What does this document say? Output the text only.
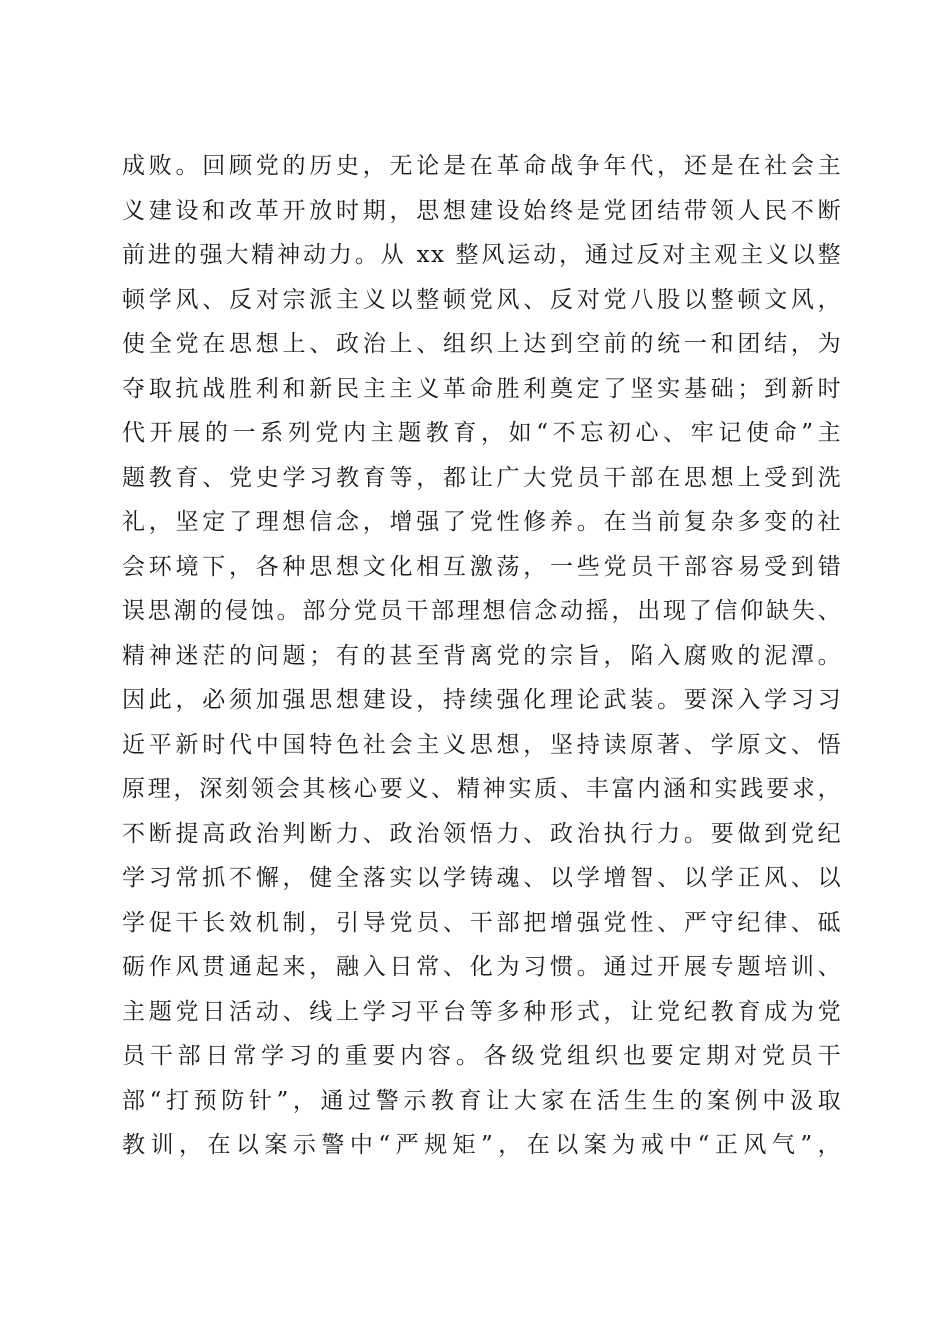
成败。回顾党的历史，无论是在革命战争年代，还是在社会主
义建设和改革开放时期，思想建设始终是党团结带领人民不断
前进的强大精神动力。从 xx 整风运动，通过反对主观主义以整
顿学风、反对宗派主义以整顿党风、反对党八股以整顿文风，
使全党在思想上、政治上、组织上达到空前的统一和团结，为
夺取抗战胜利和新民主主义革命胜利奠定了坚实基础；到新时
代开展的一系列党内主题教育，如“不忘初心、牢记使命”主
题教育、党史学习教育等，都让广大党员干部在思想上受到洗
礼，坚定了理想信念，增强了党性修养。在当前复杂多变的社
会环境下，各种思想文化相互激荡，一些党员干部容易受到错
误思潮的侵蚀。部分党员干部理想信念动摇，出现了信仰缺失、
精神迷茫的问题；有的甚至背离党的宗旨，陷入腐败的泥潭。
因此，必须加强思想建设，持续强化理论武装。要深入学习习
近平新时代中国特色社会主义思想，坚持读原著、学原文、悟
原理，深刻领会其核心要义、精神实质、丰富内涵和实践要求，
不断提高政治判断力、政治领悟力、政治执行力。要做到党纪
学习常抓不懈，健全落实以学铸魂、以学增智、以学正风、以
学促干长效机制，引导党员、干部把增强党性、严守纪律、砥
砺作风贯通起来，融入日常、化为习惯。通过开展专题培训、
主题党日活动、线上学习平台等多种形式，让党纪教育成为党
员干部日常学习的重要内容。各级党组织也要定期对党员干
部“打预防针”，通过警示教育让大家在活生生的案例中汲取
教训，在以案示警中“严规矩”，在以案为戒中“正风气”，
